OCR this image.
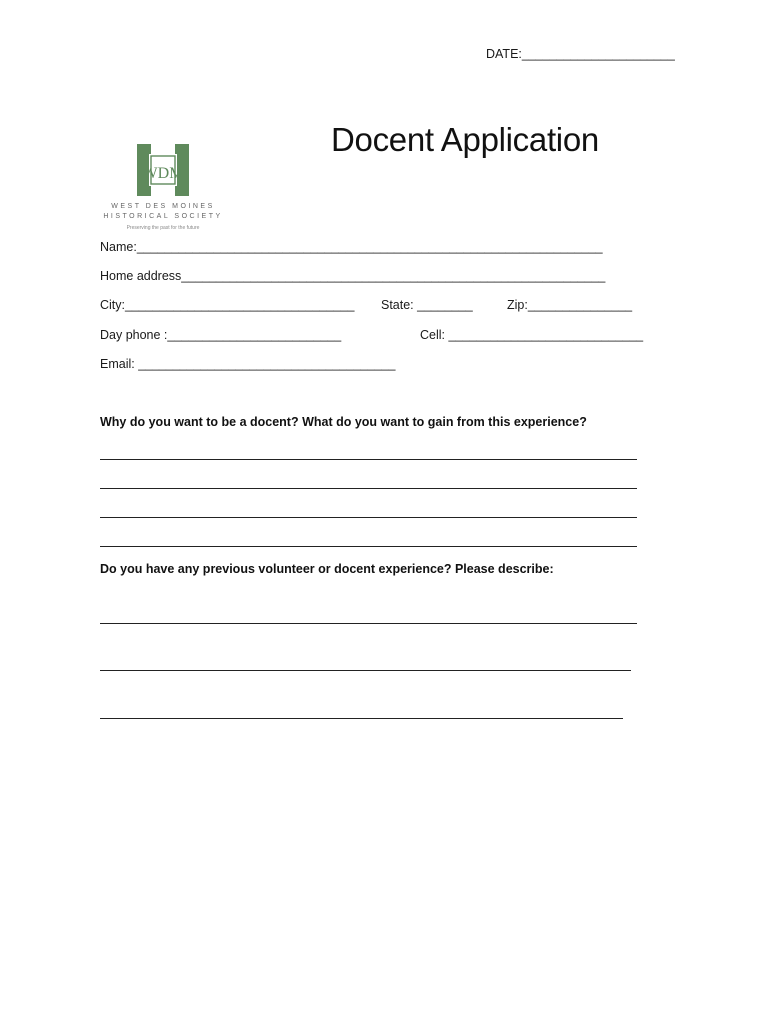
DATE:______________________

WDM
WEST DES MOINES
HISTORICAL SOCIETY
Preserving the past for the future

Docent Application
Name:___________________________________________________________________
Home address_____________________________________________________________
City:_________________________________ State: ________	Zip:_______________
Day phone :_________________________	Cell: ____________________________
Email: _____________________________________
Why do you want to be a docent? What do you want to gain from this experience?
Do you have any previous volunteer or docent experience? Please describe:
